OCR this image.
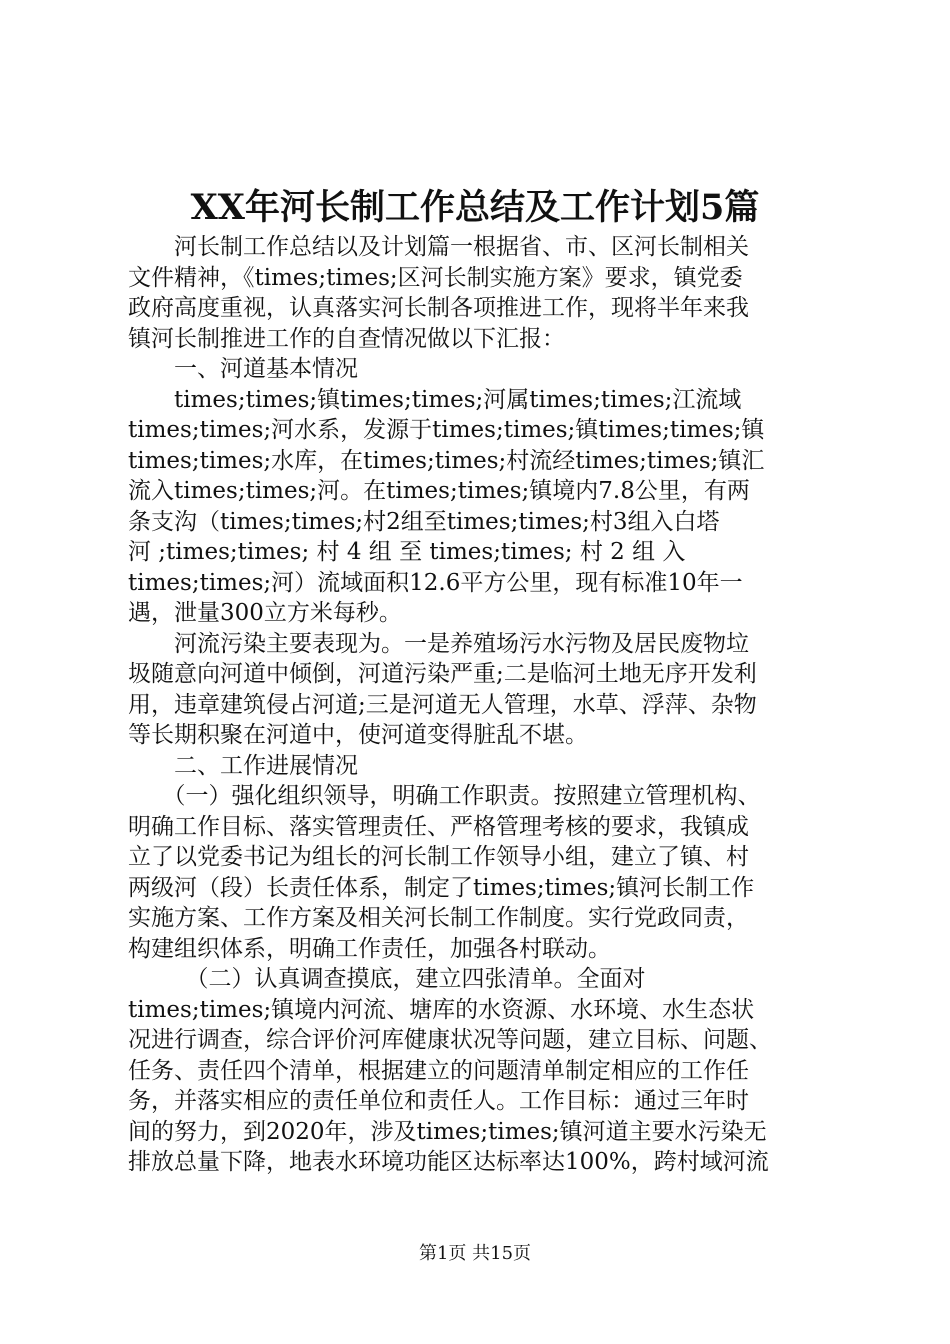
XX年河长制工作总结及工作计划5篇
　　河长制工作总结以及计划篇一根据省、市、区河长制相关
文件精神，《times;times;区河长制实施方案》要求，镇党委
政府高度重视，认真落实河长制各项推进工作，现将半年来我
镇河长制推进工作的自查情况做以下汇报：
　　一、河道基本情况
　　times;times;镇times;times;河属times;times;江流域
times;times;河水系，发源于times;times;镇times;times;镇
times;times;水库，在times;times;村流经times;times;镇汇
流入times;times;河。在times;times;镇境内7.8公里，有两
条支沟（times;times;村2组至times;times;村3组入白塔
河 ;times;times; 村 4 组 至 times;times; 村 2 组 入
times;times;河）流域面积12.6平方公里，现有标准10年一
遇，泄量300立方米每秒。
　　河流污染主要表现为。一是养殖场污水污物及居民废物垃
圾随意向河道中倾倒，河道污染严重;二是临河土地无序开发利
用，违章建筑侵占河道;三是河道无人管理，水草、浮萍、杂物
等长期积聚在河道中，使河道变得脏乱不堪。
　　二、工作进展情况
　　（一）强化组织领导，明确工作职责。按照建立管理机构、
明确工作目标、落实管理责任、严格管理考核的要求，我镇成
立了以党委书记为组长的河长制工作领导小组，建立了镇、村
两级河（段）长责任体系，制定了times;times;镇河长制工作
实施方案、工作方案及相关河长制工作制度。实行党政同责，
构建组织体系，明确工作责任，加强各村联动。
　　　（二）认真调查摸底，建立四张清单。全面对
times;times;镇境内河流、塘库的水资源、水环境、水生态状
况进行调查，综合评价河库健康状况等问题，建立目标、问题、
任务、责任四个清单，根据建立的问题清单制定相应的工作任
务，并落实相应的责任单位和责任人。工作目标：通过三年时
间的努力，到2020年，涉及times;times;镇河道主要水污染无
排放总量下降，地表水环境功能区达标率达100%，跨村域河流
第1页 共15页
